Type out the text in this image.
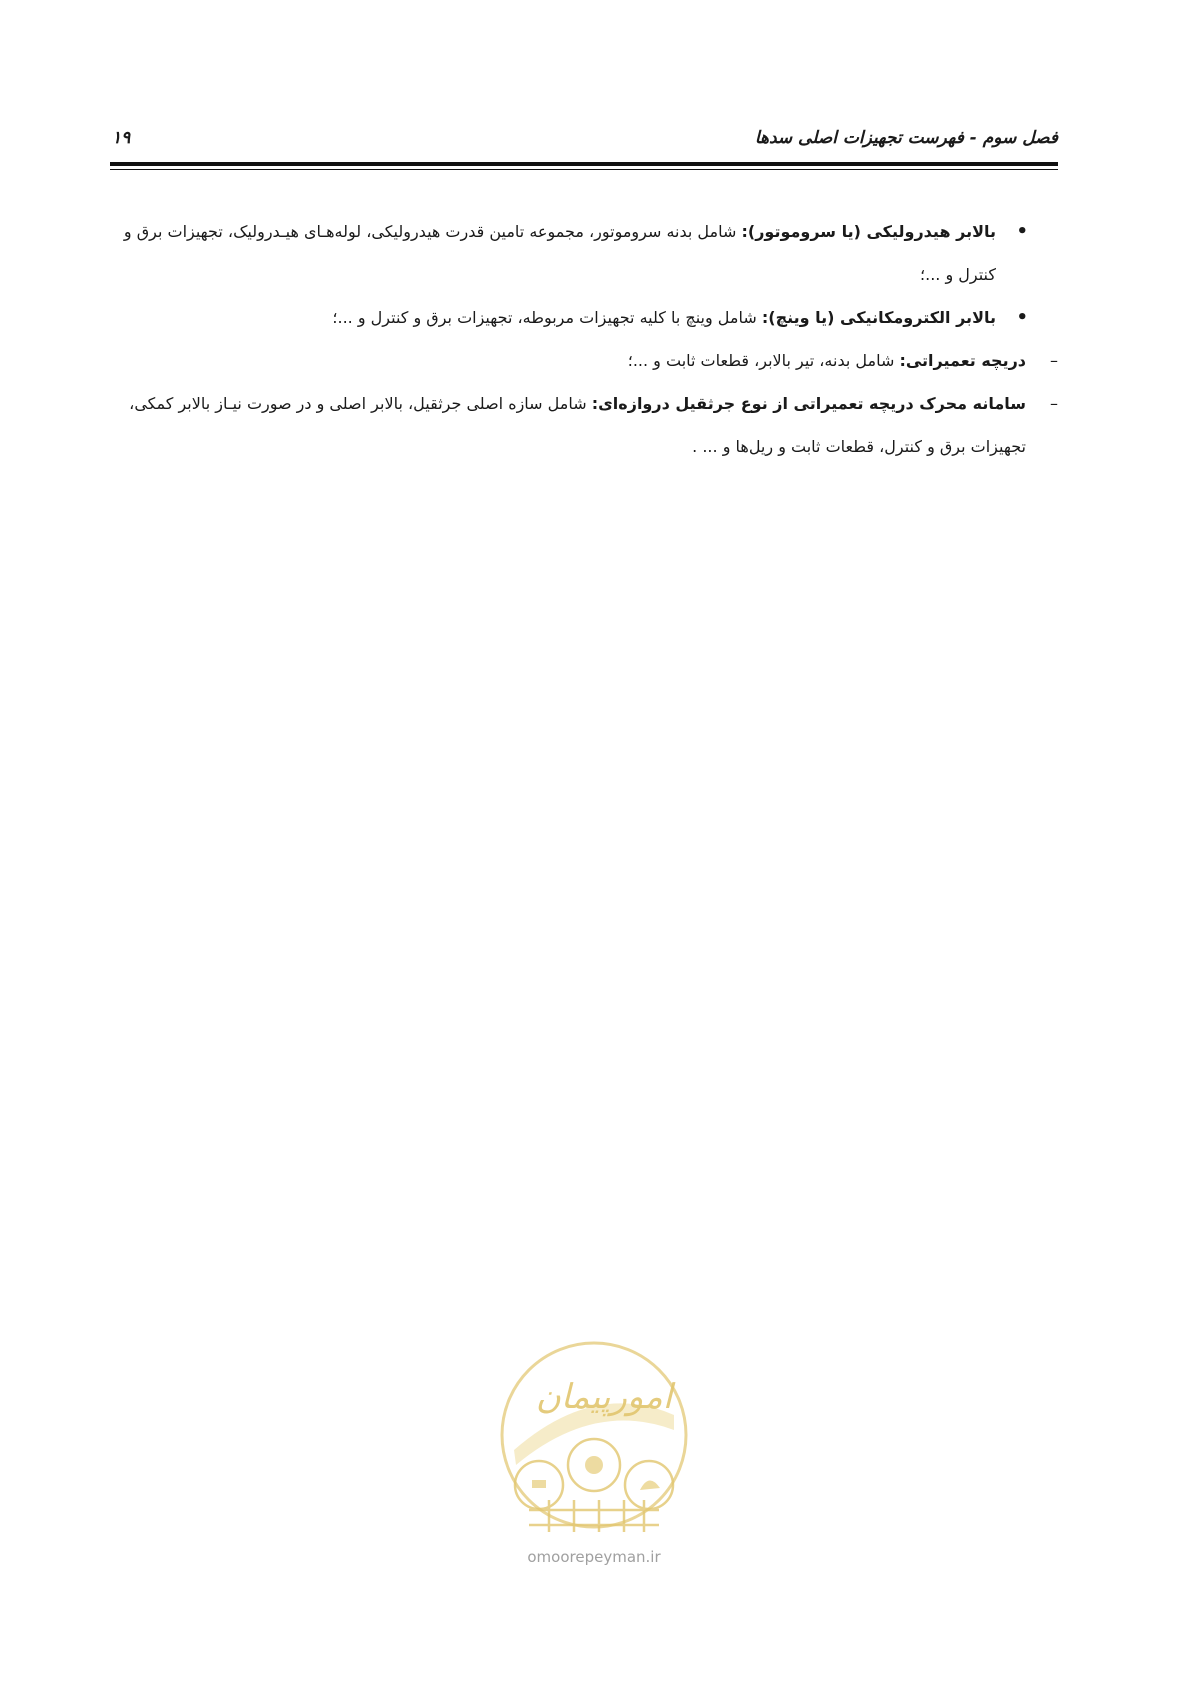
فصل سوم - فهرست تجهیزات اصلی سدها
۱۹

•
بالابر هیدرولیکی (یا سروموتور): شامل بدنه سروموتور، مجموعه تامین قدرت هیدرولیکی، لوله‌هـای هیـدرولیک، تجهیزات برق و کنترل و ...؛

•
بالابر الکترومکانیکی (یا وینچ): شامل وینچ با کلیه تجهیزات مربوطه، تجهیزات برق و کنترل و ...؛

–
دریچه تعمیراتی: شامل بدنه، تیر بالابر، قطعات ثابت و ...؛

–
سامانه محرک دریچه تعمیراتی از نوع جرثقیل دروازه‌ای: شامل سازه اصلی جرثقیل، بالابر اصلی و در صورت نیـاز بالابر کمکی، تجهیزات برق و کنترل، قطعات ثابت و ریل‌ها و ... .

امورپیمان
omoorepeyman.ir
